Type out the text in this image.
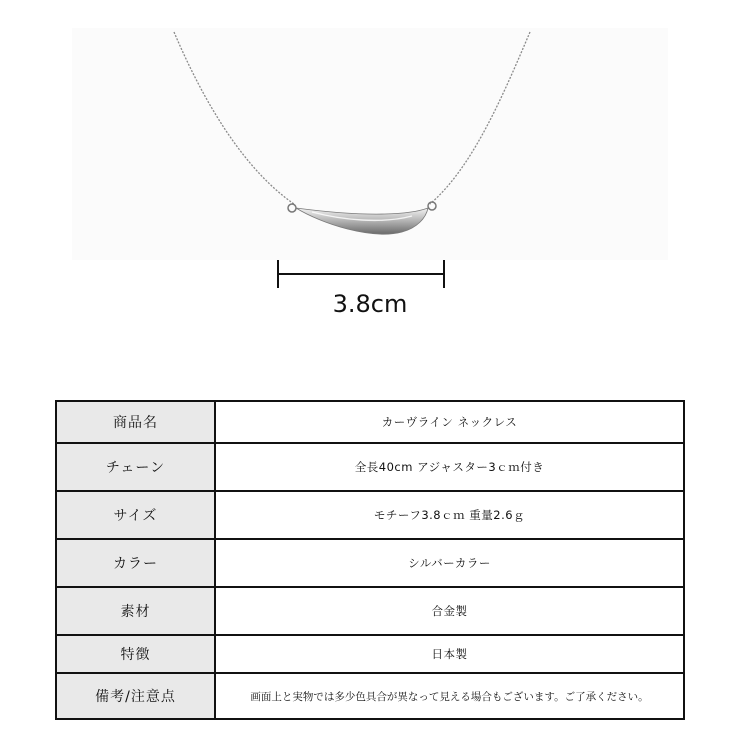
3.8cm
商品名	カーヴライン ネックレス
チェーン	全長40cm アジャスター3ｃｍ付き
サイズ	モチーフ3.8ｃｍ 重量2.6ｇ
カラー	シルバーカラー
素材	合金製
特徴	日本製
備考/注意点	画面上と実物では多少色具合が異なって見える場合もございます。ご了承ください。
